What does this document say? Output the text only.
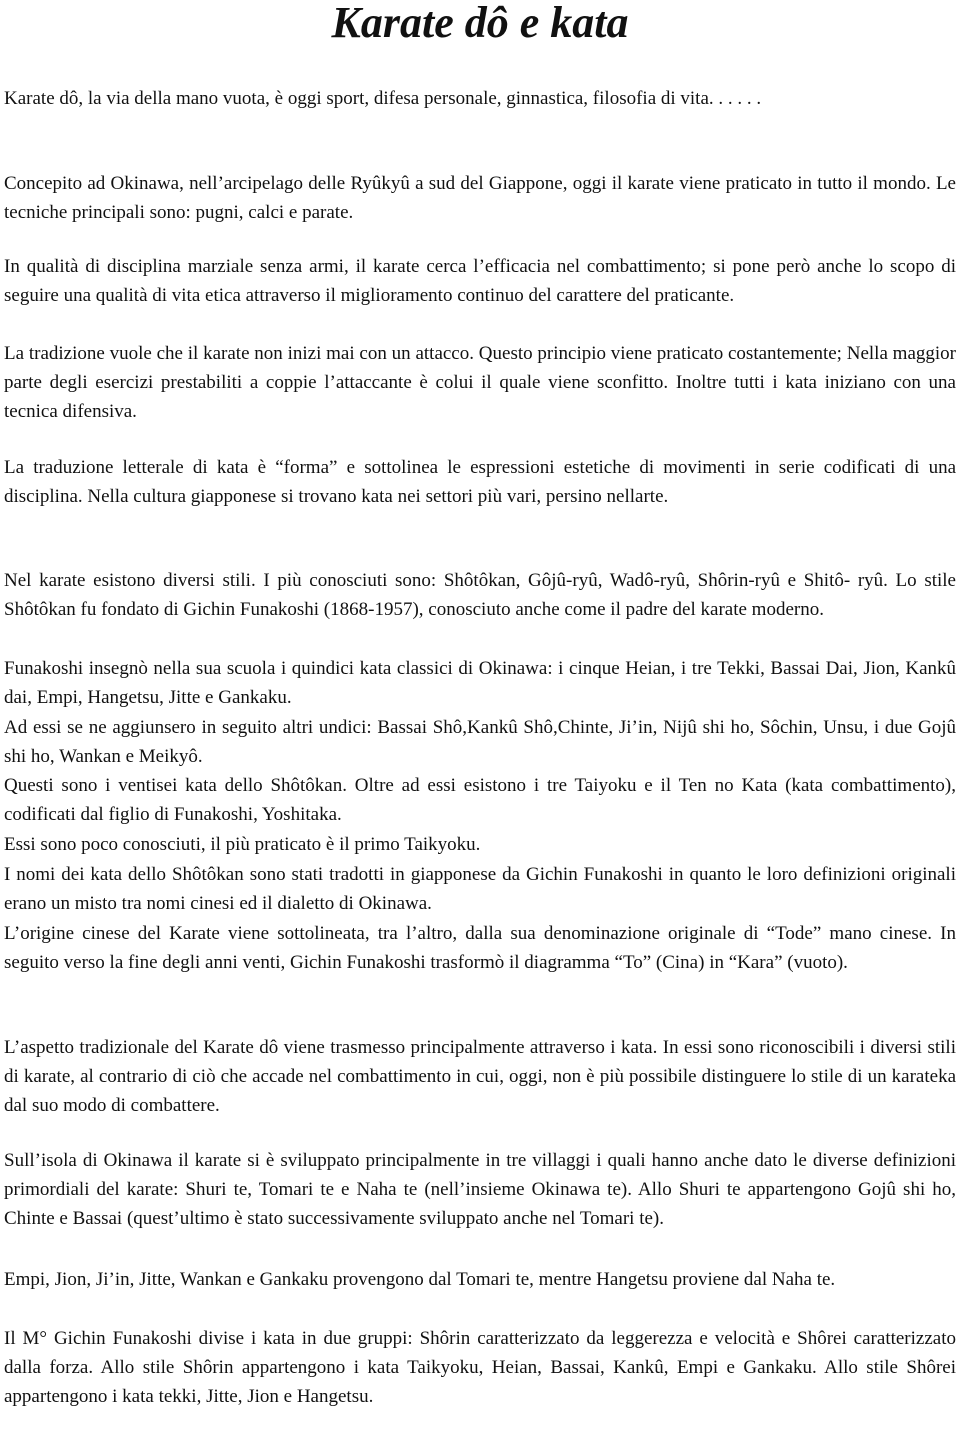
Karate dô e kata

Karate dô, la via della mano vuota, è oggi sport, difesa personale, ginnastica, filosofia di vita. . . . . .

Concepito ad Okinawa, nell’arcipelago delle Ryûkyû a sud del Giappone, oggi il karate viene praticato in tutto il mondo. Le tecniche principali sono: pugni, calci e parate.

In qualità di disciplina marziale senza armi, il karate cerca l’efficacia nel combattimento; si pone però anche lo scopo di seguire una qualità di vita etica attraverso il miglioramento continuo del carattere del praticante.

La tradizione vuole che il karate non inizi mai con un attacco. Questo principio viene praticato costantemente; Nella maggior parte degli esercizi prestabiliti a coppie l’attaccante è colui il quale viene sconfitto. Inoltre tutti i kata iniziano con una tecnica difensiva.

La traduzione letterale di kata è “forma” e sottolinea le espressioni estetiche di movimenti in serie codificati di una disciplina. Nella cultura giapponese si trovano kata nei settori più vari, persino nellarte.

Nel karate esistono diversi stili. I più conosciuti sono: Shôtôkan, Gôjû-ryû, Wadô-ryû, Shôrin-ryû e Shitô- ryû. Lo stile Shôtôkan fu fondato di Gichin Funakoshi (1868-1957), conosciuto anche come il padre del karate moderno.

Funakoshi insegnò nella sua scuola i quindici kata classici di Okinawa: i cinque Heian, i tre Tekki, Bassai Dai, Jion, Kankû dai, Empi, Hangetsu, Jitte e Gankaku.

Ad essi se ne aggiunsero in seguito altri undici: Bassai Shô,Kankû Shô,Chinte, Ji’in, Nijû shi ho, Sôchin, Unsu, i due Gojû shi ho, Wankan e Meikyô.

Questi sono i ventisei kata dello Shôtôkan. Oltre ad essi esistono i tre Taiyoku e il Ten no Kata (kata combattimento), codificati dal figlio di Funakoshi, Yoshitaka.

Essi sono poco conosciuti, il più praticato è il primo Taikyoku.

I nomi dei kata dello Shôtôkan sono stati tradotti in giapponese da Gichin Funakoshi in quanto le loro definizioni originali erano un misto tra nomi cinesi ed il dialetto di Okinawa.

L’origine cinese del Karate viene sottolineata, tra l’altro, dalla sua denominazione originale di “Tode” mano cinese. In seguito verso la fine degli anni venti, Gichin Funakoshi trasformò il diagramma “To” (Cina) in “Kara” (vuoto).

L’aspetto tradizionale del Karate dô viene trasmesso principalmente attraverso i kata. In essi sono riconoscibili i diversi stili di karate, al contrario di ciò che accade nel combattimento in cui, oggi, non è più possibile distinguere lo stile di un karateka dal suo modo di combattere.

Sull’isola di Okinawa il karate si è sviluppato principalmente in tre villaggi i quali hanno anche dato le diverse definizioni primordiali del karate: Shuri te, Tomari te e Naha te (nell’insieme Okinawa te). Allo Shuri te appartengono Gojû shi ho, Chinte e Bassai (quest’ultimo è stato successivamente sviluppato anche nel Tomari te).

Empi, Jion, Ji’in, Jitte, Wankan e Gankaku provengono dal Tomari te, mentre Hangetsu proviene dal Naha te.

Il M° Gichin Funakoshi divise i kata in due gruppi: Shôrin caratterizzato da leggerezza e velocità e Shôrei caratterizzato dalla forza. Allo stile Shôrin appartengono i kata Taikyoku, Heian, Bassai, Kankû, Empi e Gankaku. Allo stile Shôrei appartengono i kata tekki, Jitte, Jion e Hangetsu.
